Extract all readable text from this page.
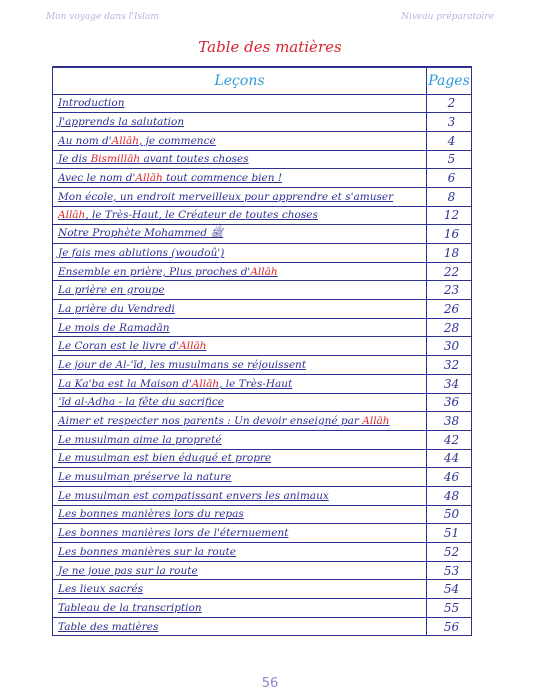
Mon voyage dans l'Islam	Niveau préparatoire
Table des matières
Leçons	Pages
Introduction	2
J'apprends la salutation	3
Au nom d'Allāh, je commence	4
Je dis Bismillāh avant toutes choses	5
Avec le nom d'Allāh tout commence bien !	6
Mon école, un endroit merveilleux pour apprendre et s'amuser	8
Allāh, le Très-Haut, le Créateur de toutes choses	12
Notre Prophète Mohammed ﷺ	16
Je fais mes ablutions (woudoû')	18
Ensemble en prière, Plus proches d'Allāh	22
La prière en groupe	23
La prière du Vendredi	26
Le mois de Ramadān	28
Le Coran est le livre d'Allāh	30
Le jour de Al-ʿīd, les musulmans se réjouissent	32
La Ka'ba est la Maison d'Allāh, le Très-Haut	34
ʿīd al-Adha - la fête du sacrifice	36
Aimer et respecter nos parents : Un devoir enseigné par Allāh	38
Le musulman aime la propreté	42
Le musulman est bien éduqué et propre	44
Le musulman préserve la nature	46
Le musulman est compatissant envers les animaux	48
Les bonnes manières lors du repas	50
Les bonnes manières lors de l'éternuement	51
Les bonnes manières sur la route	52
Je ne joue pas sur la route	53
Les lieux sacrés	54
Tableau de la transcription	55
Table des matières	56
56
